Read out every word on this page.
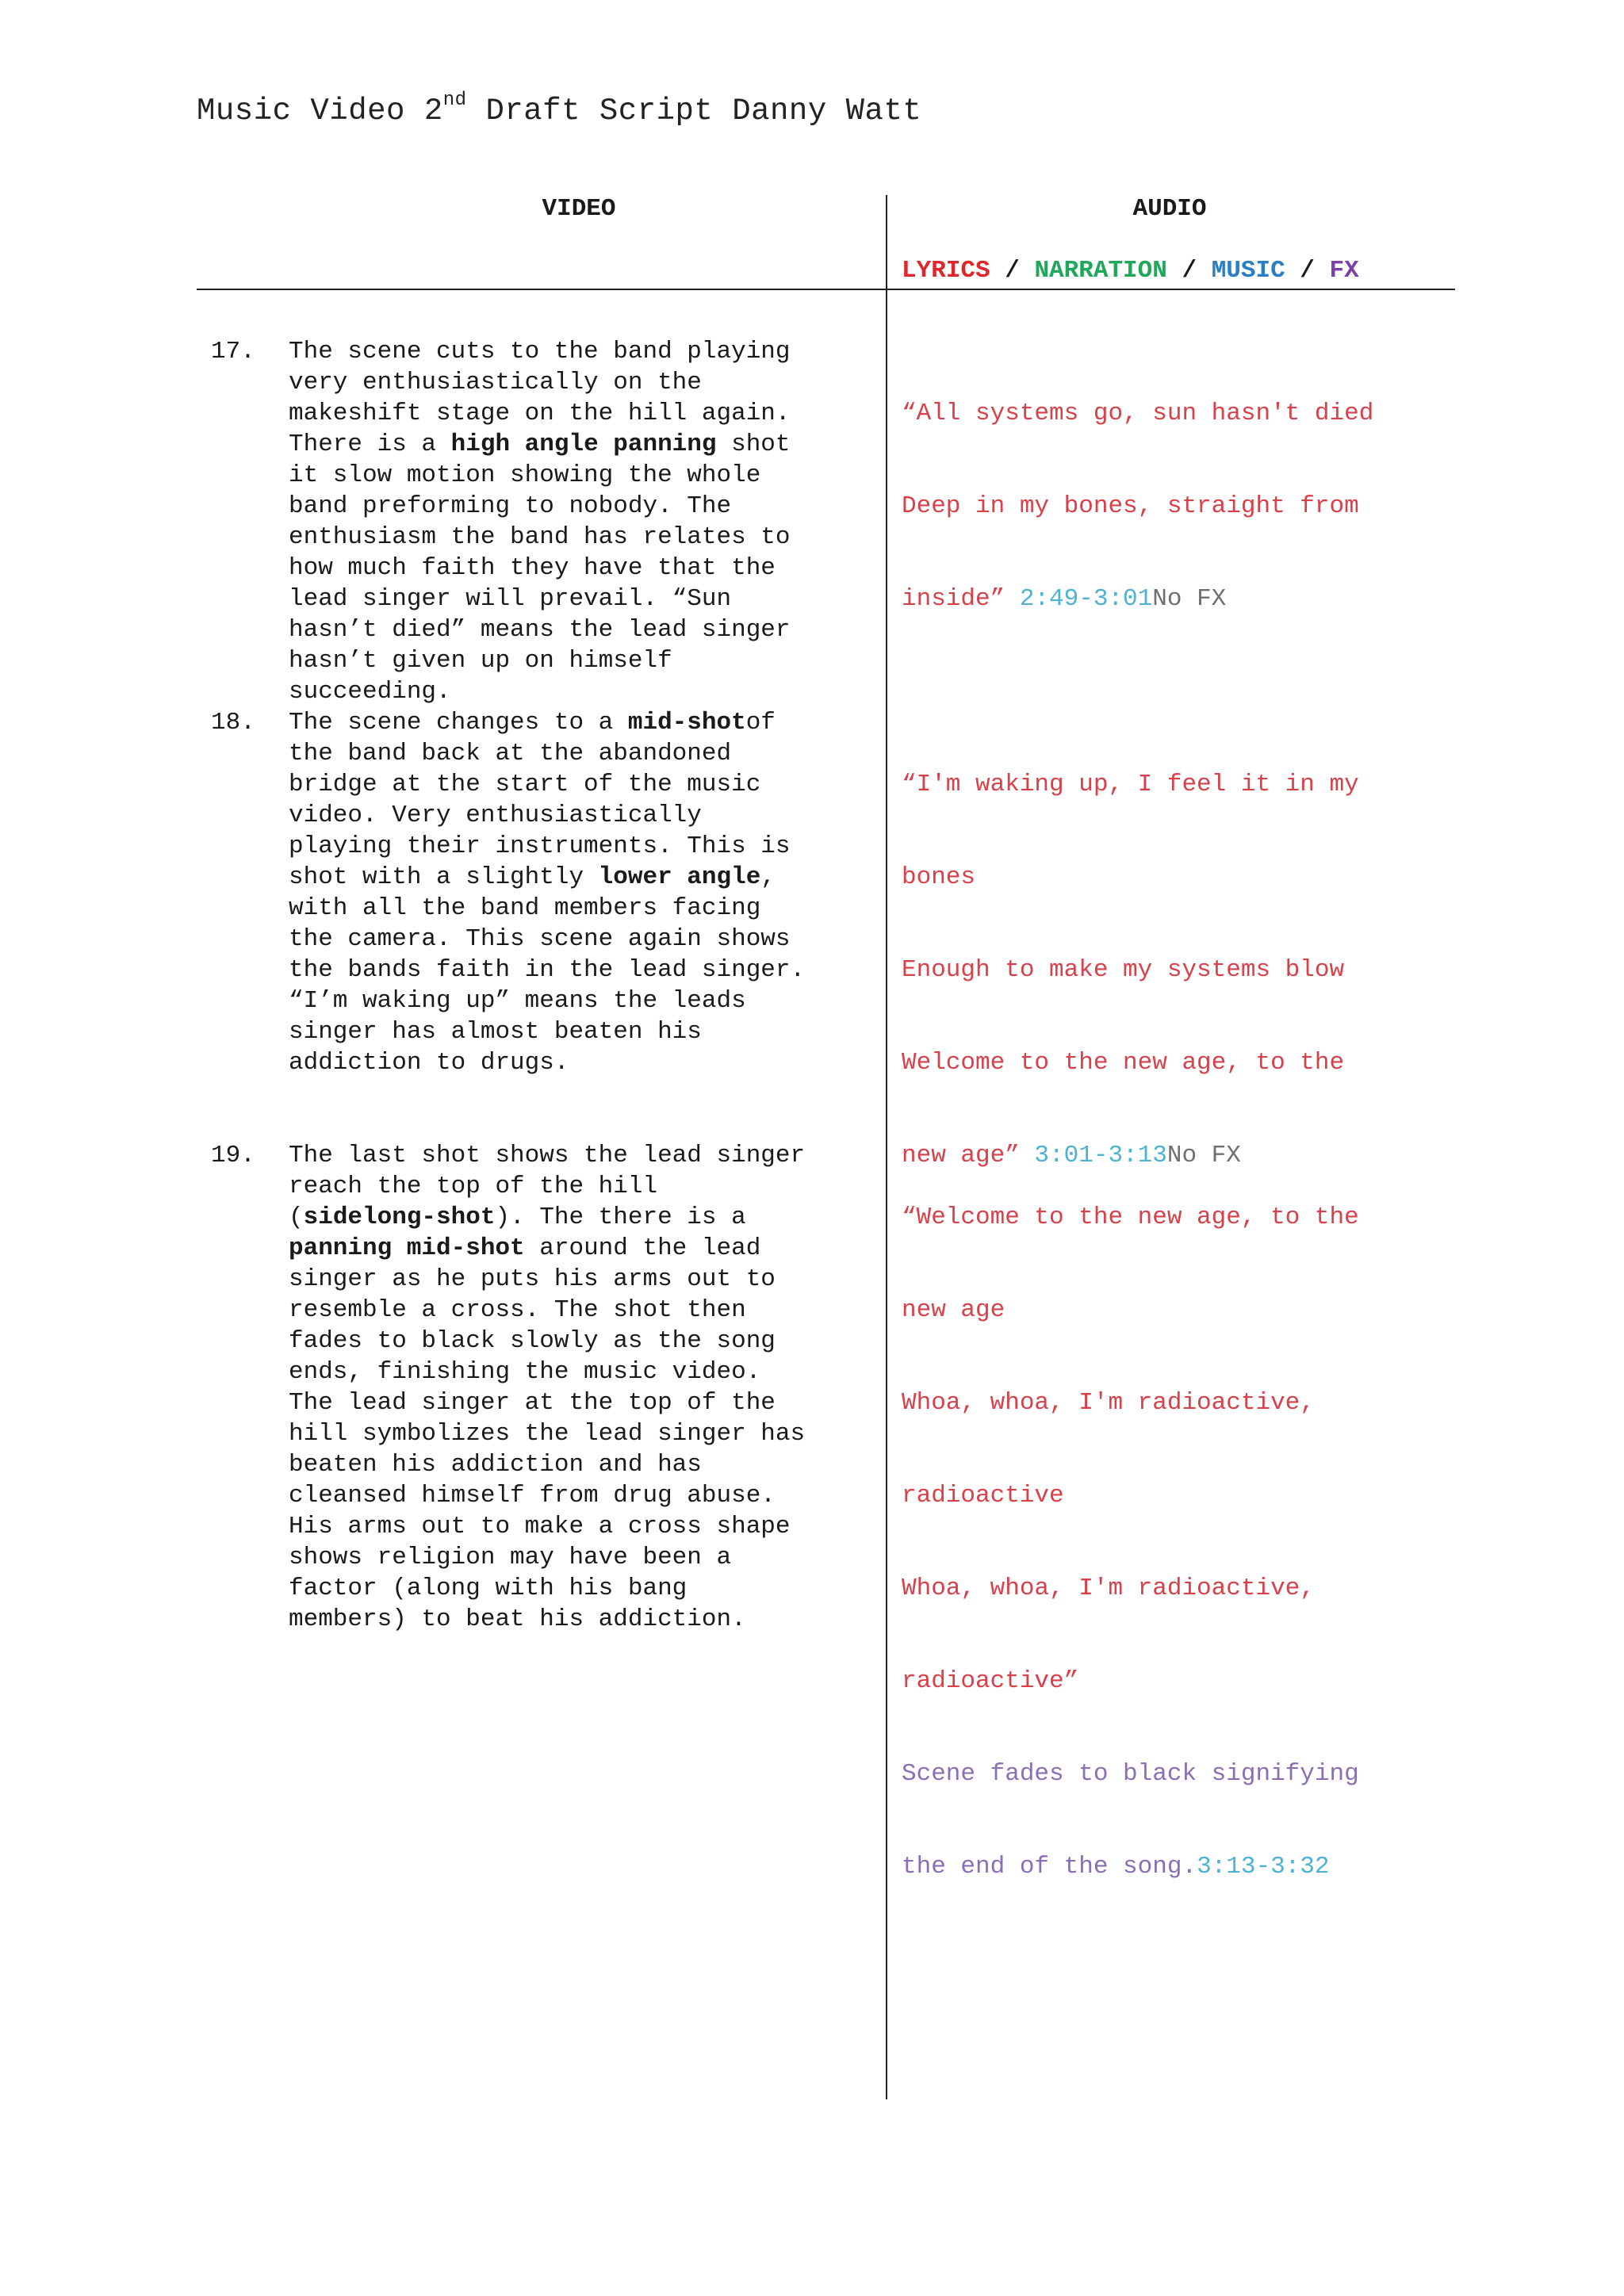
Music Video 2nd Draft Script Danny Watt
VIDEO	AUDIO
LYRICS / NARRATION / MUSIC / FX
17. The scene cuts to the band playing
very enthusiastically on the
makeshift stage on the hill again.
There is a high angle panning shot
it slow motion showing the whole
band preforming to nobody. The
enthusiasm the band has relates to
how much faith they have that the
lead singer will prevail. “Sun
hasn’t died” means the lead singer
hasn’t given up on himself
succeeding.

“All systems go, sun hasn't died

Deep in my bones, straight from

inside” 2:49-3:01No FX

18. The scene changes to a mid-shotof
the band back at the abandoned
bridge at the start of the music
video. Very enthusiastically
playing their instruments. This is
shot with a slightly lower angle,
with all the band members facing
the camera. This scene again shows
the bands faith in the lead singer.
“I’m waking up” means the leads
singer has almost beaten his
addiction to drugs.

“I'm waking up, I feel it in my

bones

Enough to make my systems blow

Welcome to the new age, to the

new age” 3:01-3:13No FX

19. The last shot shows the lead singer
reach the top of the hill
(sidelong-shot). The there is a
panning mid-shot around the lead
singer as he puts his arms out to
resemble a cross. The shot then
fades to black slowly as the song
ends, finishing the music video.
The lead singer at the top of the
hill symbolizes the lead singer has
beaten his addiction and has
cleansed himself from drug abuse.
His arms out to make a cross shape
shows religion may have been a
factor (along with his bang
members) to beat his addiction.

“Welcome to the new age, to the

new age

Whoa, whoa, I'm radioactive,

radioactive

Whoa, whoa, I'm radioactive,

radioactive”

Scene fades to black signifying

the end of the song.3:13-3:32
